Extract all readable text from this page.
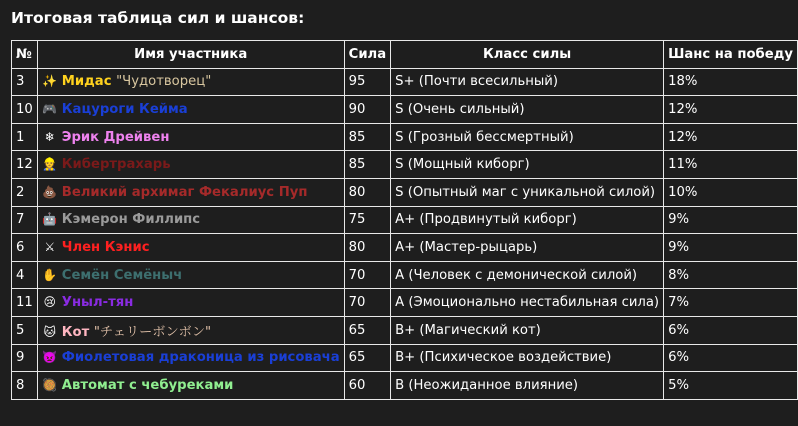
Итоговая таблица сил и шансов:
№	Имя участника	Сила	Класс силы	Шанс на победу
3	✨ Мидас "Чудотворец"	95	S+ (Почти всесильный)	18%
10	🎮 Кацуроги Кейма	90	S (Очень сильный)	12%
1	❄ Эрик Дрейвен	85	S (Грозный бессмертный)	12%
12	👷 Кибертрахарь	85	S (Мощный киборг)	11%
2	💩 Великий архимаг Фекалиус Пуп	80	S (Опытный маг с уникальной силой)	10%
7	🤖 Кэмерон Филлипс	75	A+ (Продвинутый киборг)	9%
6	⚔ Член Кэнис	80	A+ (Мастер-рыцарь)	9%
4	✋ Семён Семёныч	70	A (Человек с демонической силой)	8%
11	😢 Уныл-тян	70	A (Эмоционально нестабильная сила)	7%
5	🐱 Кот "チェリーボンボン"	65	B+ (Магический кот)	6%
9	👿 Фиолетовая драконица из рисовача	65	B+ (Психическое воздействие)	6%
8	🥘 Автомат с чебуреками	60	B (Неожиданное влияние)	5%
